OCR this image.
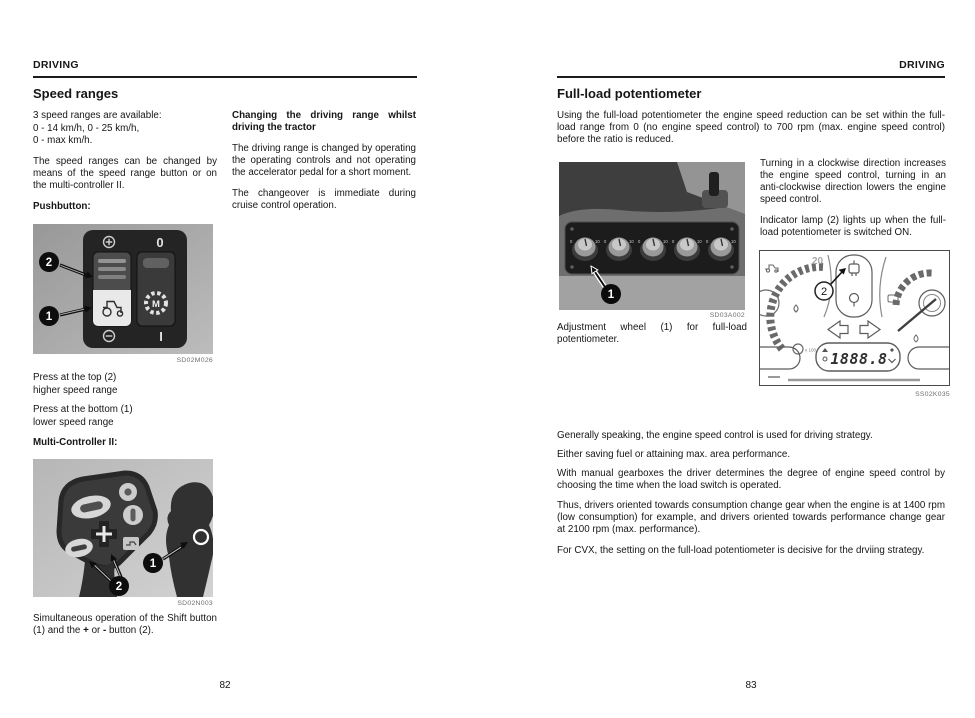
DRIVING
Speed ranges
3 speed ranges are available:
0 - 14 km/h, 0 - 25 km/h,
0 - max km/h.

The speed ranges can be changed by means of the speed range button or on the multi-controller II.

Pushbutton:

Changing the driving range whilst driving the tractor

The driving range is changed by operating the operating controls and not operating the accelerator pedal for a short moment.

The changeover is immediate during cruise control operation.

0
I
M
2
1
SD02M026
Press at the top (2)
higher speed range
Press at the bottom (1)
lower speed range
Multi-Controller II:
1
2
SD02N003

Simultaneous operation of the Shift button (1) and the + or - button (2).

82
DRIVING
Full-load potentiometer

Using the full-load potentiometer the engine speed reduction can be set within the full-load range from 0 (no engine speed control) to 700 rpm (max. engine speed control) before the ratio is reduced.

0	10 0	10 0	10 0	10 0	10
1
SD03A002

Adjustment wheel (1) for full-load potentiometer.

Turning in a clockwise direction increases the engine speed control, turning in an anti-clockwise direction lowers the engine speed control.

Indicator lamp (2) lights up when the full-load potentiometer is switched ON.

20
x 100 1888.8
2
SS02K035

Generally speaking, the engine speed control is used for driving strategy.

Either saving fuel or attaining max. area performance.

With manual gearboxes the driver determines the degree of engine speed control by choosing the time when the load switch is operated.

Thus, drivers oriented towards consumption change gear when the engine is at 1400 rpm (low consumption) for example, and drivers oriented towards performance change gear at 2100 rpm (max. performance).

For CVX, the setting on the full-load potentiometer is decisive for the drviing strategy.

83
